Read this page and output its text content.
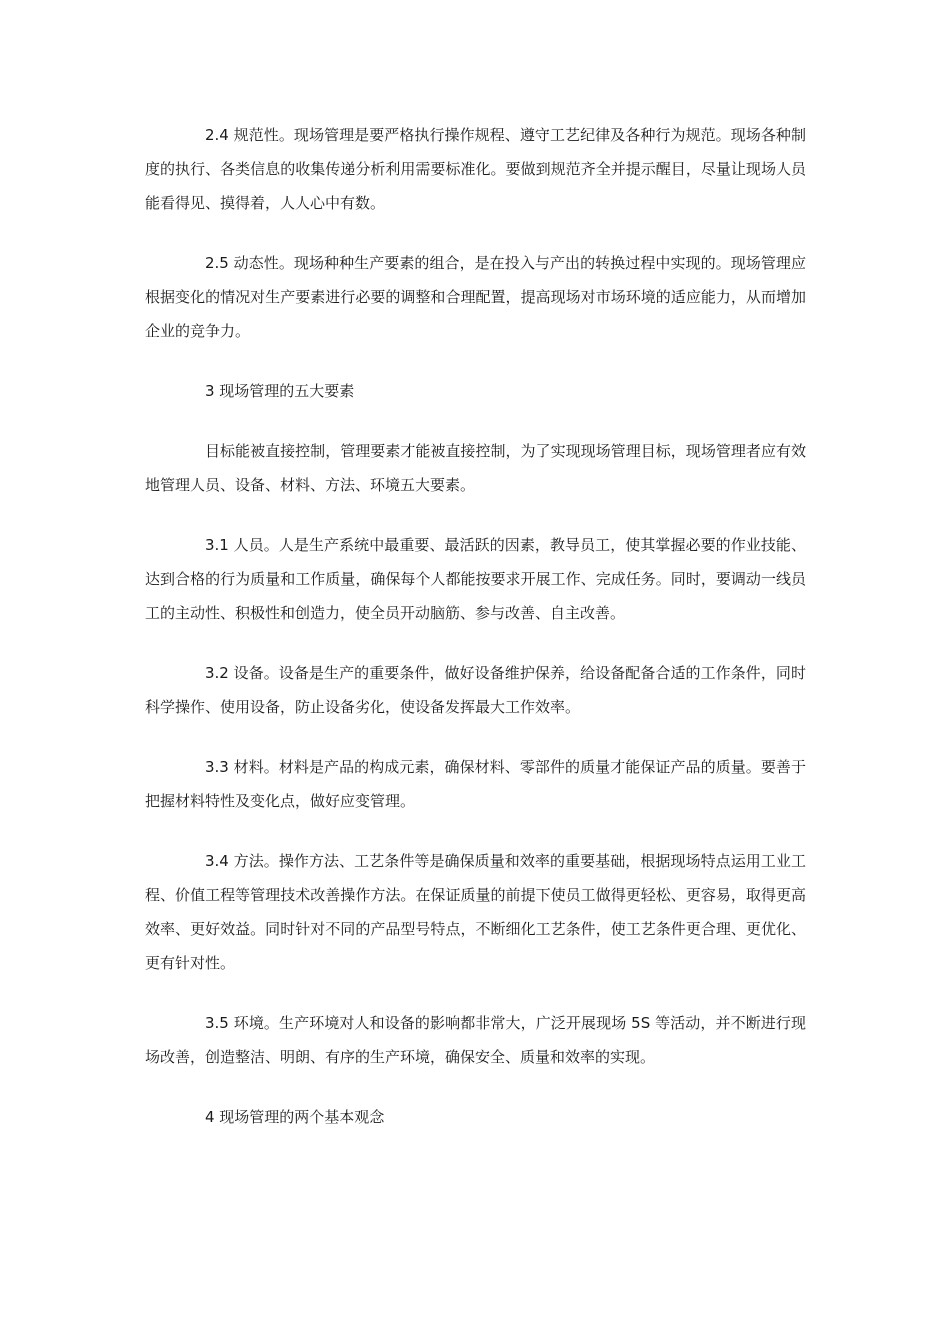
2.4 规范性。现场管理是要严格执行操作规程、遵守工艺纪律及各种行为规范。现场各种制度的执行、各类信息的收集传递分析利用需要标准化。要做到规范齐全并提示醒目，尽量让现场人员能看得见、摸得着，人人心中有数。

2.5 动态性。现场种种生产要素的组合，是在投入与产出的转换过程中实现的。现场管理应根据变化的情况对生产要素进行必要的调整和合理配置，提高现场对市场环境的适应能力，从而增加企业的竞争力。

3 现场管理的五大要素

目标能被直接控制，管理要素才能被直接控制，为了实现现场管理目标，现场管理者应有效地管理人员、设备、材料、方法、环境五大要素。

3.1 人员。人是生产系统中最重要、最活跃的因素，教导员工，使其掌握必要的作业技能、达到合格的行为质量和工作质量，确保每个人都能按要求开展工作、完成任务。同时，要调动一线员工的主动性、积极性和创造力，使全员开动脑筋、参与改善、自主改善。

3.2 设备。设备是生产的重要条件，做好设备维护保养，给设备配备合适的工作条件，同时科学操作、使用设备，防止设备劣化，使设备发挥最大工作效率。

3.3 材料。材料是产品的构成元素，确保材料、零部件的质量才能保证产品的质量。要善于把握材料特性及变化点，做好应变管理。

3.4 方法。操作方法、工艺条件等是确保质量和效率的重要基础，根据现场特点运用工业工程、价值工程等管理技术改善操作方法。在保证质量的前提下使员工做得更轻松、更容易，取得更高效率、更好效益。同时针对不同的产品型号特点，不断细化工艺条件，使工艺条件更合理、更优化、更有针对性。

3.5 环境。生产环境对人和设备的影响都非常大，广泛开展现场 5S 等活动，并不断进行现场改善，创造整洁、明朗、有序的生产环境，确保安全、质量和效率的实现。

4 现场管理的两个基本观念
